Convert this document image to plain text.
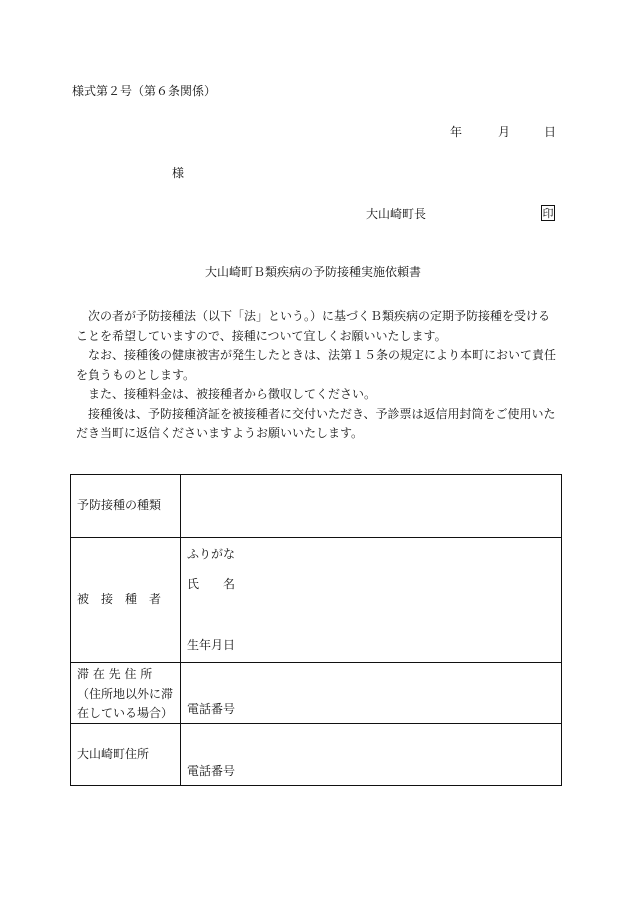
様式第２号（第６条関係）
年	月	日
様
大山崎町長	印
大山崎町Ｂ類疾病の予防接種実施依頼書

次の者が予防接種法（以下「法」という。）に基づくＢ類疾病の定期予防接種を受けることを希望していますので、接種について宜しくお願いいたします。

なお、接種後の健康被害が発生したときは、法第１５条の規定により本町において責任を負うものとします。

また、接種料金は、被接種者から徴収してください。

接種後は、予防接種済証を被接種者に交付いただき、予診票は返信用封筒をご使用いただき当町に返信くださいますようお願いいたします。

予防接種の種類	

被　接　種　者	ふりがな
氏　　名
生年月日

滞 在 先 住 所
（住所地以外に滞
在している場合）	電話番号

大山崎町住所	電話番号
